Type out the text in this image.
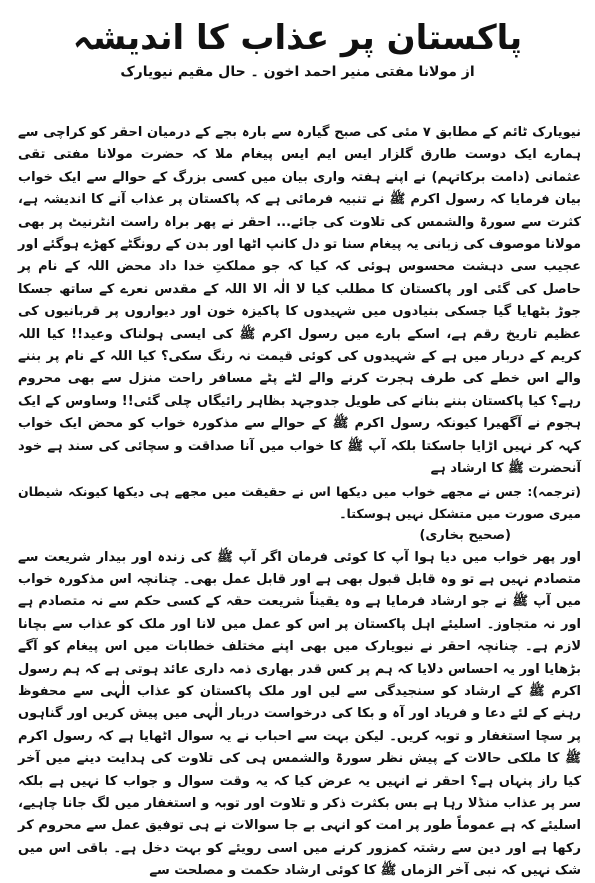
پاکستان پر عذاب کا اندیشہ
از مولانا مفتی منیر احمد اخون ۔ حال مقیم نیویارک

نیویارک ٹائم کے مطابق ۷ مئی کی صبح گیارہ سے بارہ بجے کے درمیان احقر کو کراچی سے ہمارے ایک دوست طارق گلزار ایس ایم ایس پیغام ملا کہ حضرت مولانا مفتی تقی عثمانی (دامت برکاتہم) نے اپنے ہفتہ واری بیان میں کسی بزرگ کے حوالے سے ایک خواب بیان فرمایا کہ رسول اکرم ﷺ نے تنبیہ فرمائی ہے کہ پاکستان پر عذاب آنے کا اندیشہ ہے، کثرت سے سورۃ والشمس کی تلاوت کی جائے... احقر نے پھر براہ راست انٹرنیٹ پر بھی مولانا موصوف کی زبانی یہ پیغام سنا تو دل کانپ اٹھا اور بدن کے رونگٹے کھڑے ہوگئے اور عجیب سی دہشت محسوس ہوئی کہ کیا کہ جو مملکتِ خدا داد محض اللہ کے نام پر حاصل کی گئی اور پاکستان کا مطلب کیا لا الٰہ الا اللہ کے مقدس نعرے کے ساتھ جسکا جوڑ بٹھایا گیا جسکی بنیادوں میں شہیدوں کا پاکیزہ خون اور دیواروں پر قربانیوں کی عظیم تاریخ رقم ہے، اسکے بارے میں رسول اکرم ﷺ کی ایسی ہولناک وعید!! کیا اللہ کریم کے دربار میں ہے کے شہیدوں کی کوئی قیمت نہ رنگ سکی؟ کیا اللہ کے نام پر بننے والے اس خطے کی طرف ہجرت کرنے والے لٹے پٹے مسافر راحت منزل سے بھی محروم رہے؟ کیا پاکستان بننے بنانے کی طویل جدوجہد بظاہر رائیگاں چلی گئی!! وساوس کے ایک ہجوم نے آگھیرا کیونکہ رسول اکرم ﷺ کے حوالے سے مذکورہ خواب کو محض ایک خواب کہہ کر نہیں اڑایا جاسکتا بلکہ آپ ﷺ کا خواب میں آنا صداقت و سچائی کی سند ہے خود آنحضرت ﷺ کا ارشاد ہے

(ترجمہ): جس نے مجھے خواب میں دیکھا اس نے حقیقت میں مجھے ہی دیکھا کیونکہ شیطان میری صورت میں متشکل نہیں ہوسکتا۔

(صحیح بخاری)

اور پھر خواب میں دیا ہوا آپ کا کوئی فرمان اگر آپ ﷺ کی زندہ اور بیدار شریعت سے متصادم نہیں ہے تو وہ قابل قبول بھی ہے اور قابل عمل بھی۔ چنانچہ اس مذکورہ خواب میں آپ ﷺ نے جو ارشاد فرمایا ہے وہ یقیناً شریعت حقہ کے کسی حکم سے نہ متصادم ہے اور نہ متجاوز۔ اسلیئے اہل پاکستان پر اس کو عمل میں لانا اور ملک کو عذاب سے بچانا لازم ہے۔ چنانچہ احقر نے نیویارک میں بھی اپنے مختلف خطابات میں اس پیغام کو آگے بڑھایا اور یہ احساس دلایا کہ ہم پر کس قدر بھاری ذمہ داری عائد ہوتی ہے کہ ہم رسول اکرم ﷺ کے ارشاد کو سنجیدگی سے لیں اور ملک پاکستان کو عذاب الٰہی سے محفوظ رہنے کے لئے دعا و فریاد اور آہ و بکا کی درخواست دربار الٰہی میں پیش کریں اور گناہوں پر سچا استغفار و توبہ کریں۔ لیکن بہت سے احباب نے یہ سوال اٹھایا ہے کہ رسول اکرم ﷺ کا ملکی حالات کے پیش نظر سورۃ والشمس ہی کی تلاوت کی ہدایت دینے میں آخر کیا راز پنہاں ہے؟ احقر نے انہیں یہ عرض کیا کہ یہ وقت سوال و جواب کا نہیں ہے بلکہ سر پر عذاب منڈلا رہا ہے بس بکثرت ذکر و تلاوت اور توبہ و استغفار میں لگ جانا چاہیے، اسلیئے کہ ہے عموماً طور پر امت کو انہی بے جا سوالات نے ہی توفیق عمل سے محروم کر رکھا ہے اور دین سے رشتہ کمزور کرنے میں اسی رویئے کو بہت دخل ہے۔ باقی اس میں شک نہیں کہ نبی آخر الزماں ﷺ کا کوئی ارشاد حکمت و مصلحت سے
